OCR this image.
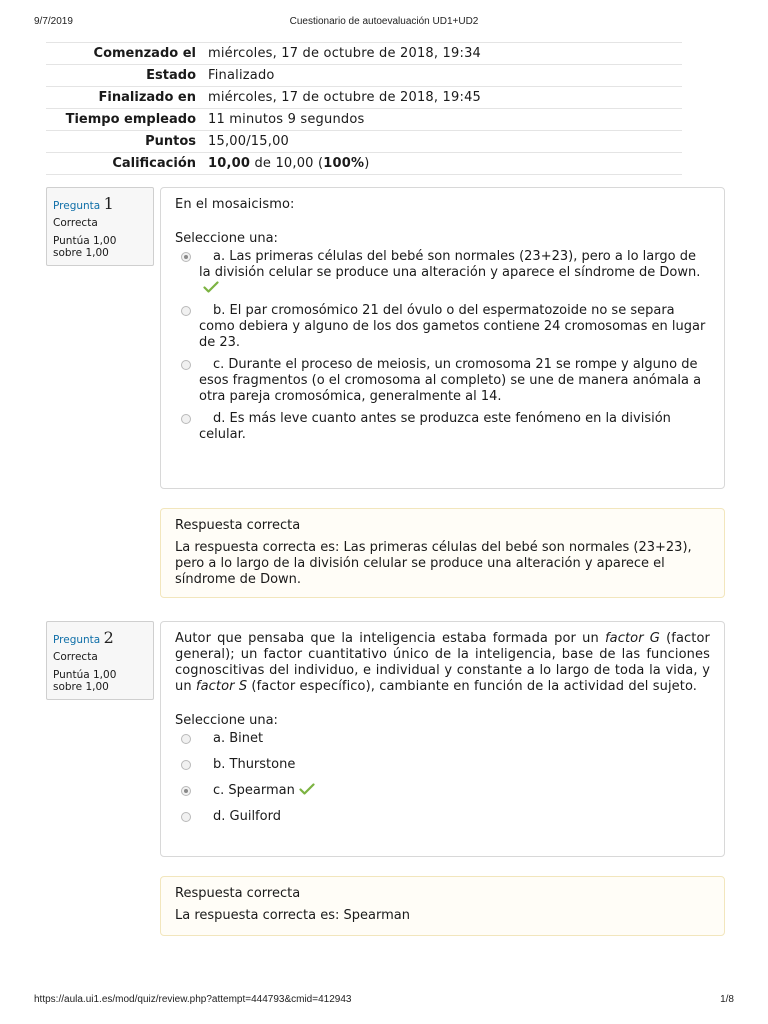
9/7/2019	Cuestionario de autoevaluación UD1+UD2
Comenzado el	miércoles, 17 de octubre de 2018, 19:34
Estado	Finalizado
Finalizado en	miércoles, 17 de octubre de 2018, 19:45
Tiempo empleado	11 minutos 9 segundos
Puntos	15,00/15,00
Calificación	10,00 de 10,00 (100%)
Pregunta 1
Correcta
Puntúa 1,00
sobre 1,00
En el mosaicismo:
Seleccione una:
a. Las primeras células del bebé son normales (23+23), pero a lo largo de la división celular se produce una alteración y aparece el síndrome de Down.
b. El par cromosómico 21 del óvulo o del espermatozoide no se separa como debiera y alguno de los dos gametos contiene 24 cromosomas en lugar de 23.
c. Durante el proceso de meiosis, un cromosoma 21 se rompe y alguno de esos fragmentos (o el cromosoma al completo) se une de manera anómala a otra pareja cromosómica, generalmente al 14.
d. Es más leve cuanto antes se produzca este fenómeno en la división celular.
Respuesta correcta
La respuesta correcta es: Las primeras células del bebé son normales (23+23), pero a lo largo de la división celular se produce una alteración y aparece el síndrome de Down.
Pregunta 2
Correcta
Puntúa 1,00
sobre 1,00
Autor que pensaba que la inteligencia estaba formada por un factor G (factor general); un factor cuantitativo único de la inteligencia, base de las funciones cognoscitivas del individuo, e individual y constante a lo largo de toda la vida, y un factor S (factor específico), cambiante en función de la actividad del sujeto.
Seleccione una:
a. Binet
b. Thurstone
c. Spearman
d. Guilford
Respuesta correcta
La respuesta correcta es: Spearman
https://aula.ui1.es/mod/quiz/review.php?attempt=444793&cmid=412943	1/8
